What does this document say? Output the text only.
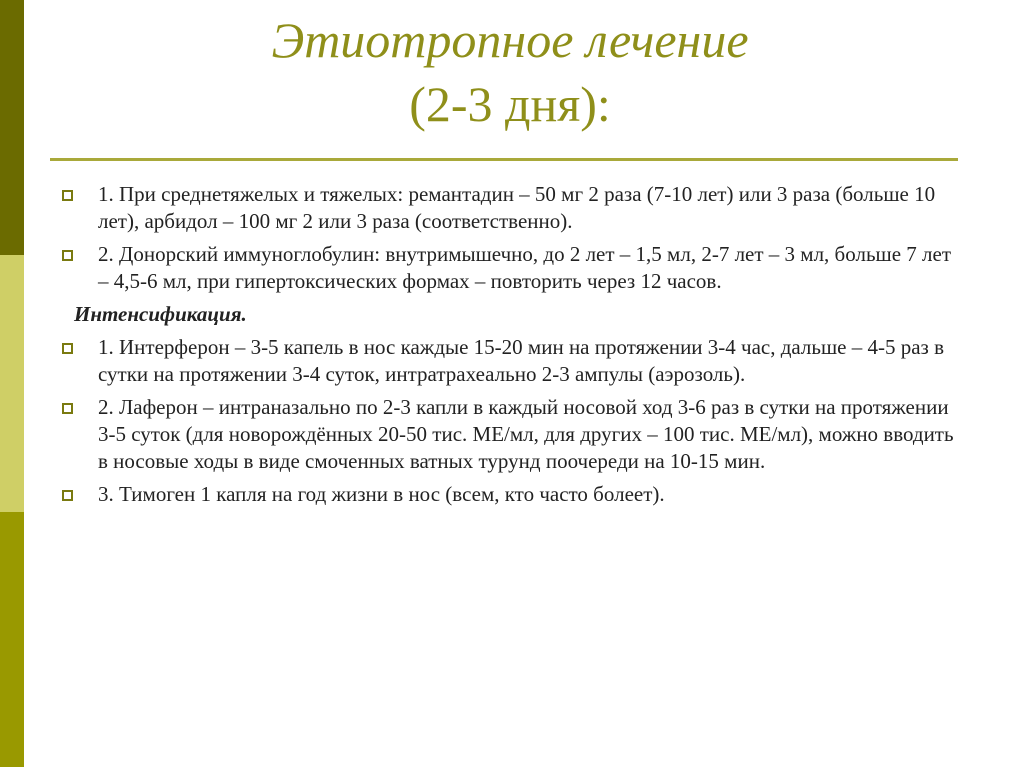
Этиотропное лечение
(2-3 дня):
1. При среднетяжелых и тяжелых: ремантадин – 50 мг 2 раза (7-10 лет) или 3 раза (больше 10 лет), арбидол – 100 мг 2 или 3 раза (соответственно).
2. Донорский иммуноглобулин: внутримышечно, до 2 лет – 1,5 мл, 2-7 лет – 3 мл, больше 7 лет – 4,5-6 мл, при гипертоксических формах – повторить через 12 часов.
Интенсификация.
1. Интерферон – 3-5 капель в нос каждые 15-20 мин на протяжении 3-4 час, дальше – 4-5 раз в сутки на протяжении 3-4 суток, интратрахеально 2-3 ампулы (аэрозоль).
2. Лаферон – интраназально по 2-3 капли в каждый носовой ход 3-6 раз в сутки на протяжении 3-5 суток (для новорождённых 20-50 тис. МЕ/мл, для других – 100 тис. МЕ/мл), можно вводить в носовые ходы в виде смоченных ватных турунд поочереди на 10-15 мин.
3. Тимоген 1 капля на год жизни в нос (всем, кто часто болеет).
